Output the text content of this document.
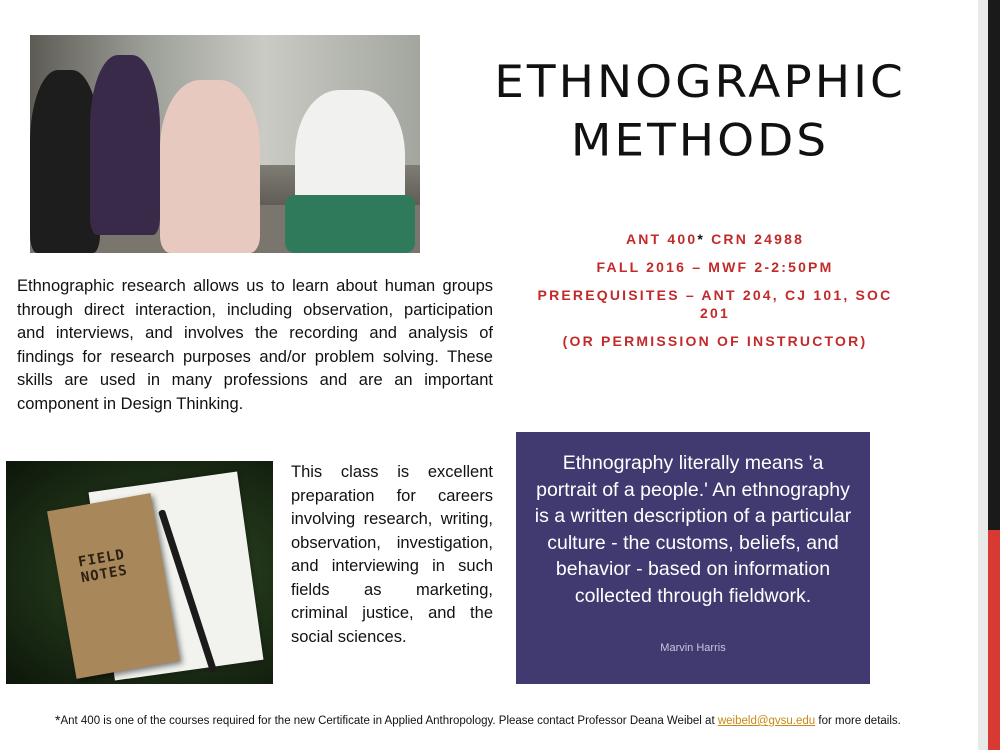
ETHNOGRAPHIC
METHODS
ANT 400* CRN 24988
FALL 2016 – MWF 2-2:50PM
PREREQUISITES – ANT 204, CJ 101, SOC 201
(OR PERMISSION OF INSTRUCTOR)
Ethnographic research allows us to learn about human groups through direct interaction, including observation, participation and interviews, and involves the recording and analysis of findings for research purposes and/or problem solving. These skills are used in many professions and are an important component in Design Thinking.
FIELD NOTES
This class is excellent preparation for careers involving research, writing, observation, investigation, and interviewing in such fields as marketing, criminal justice, and the social sciences.
Ethnography literally means 'a portrait of a people.' An ethnography is a written description of a particular culture - the customs, beliefs, and behavior - based on information collected through fieldwork.
Marvin Harris
*Ant 400 is one of the courses required for the new Certificate in Applied Anthropology. Please contact Professor Deana Weibel at weibeld@gvsu.edu for more details.
